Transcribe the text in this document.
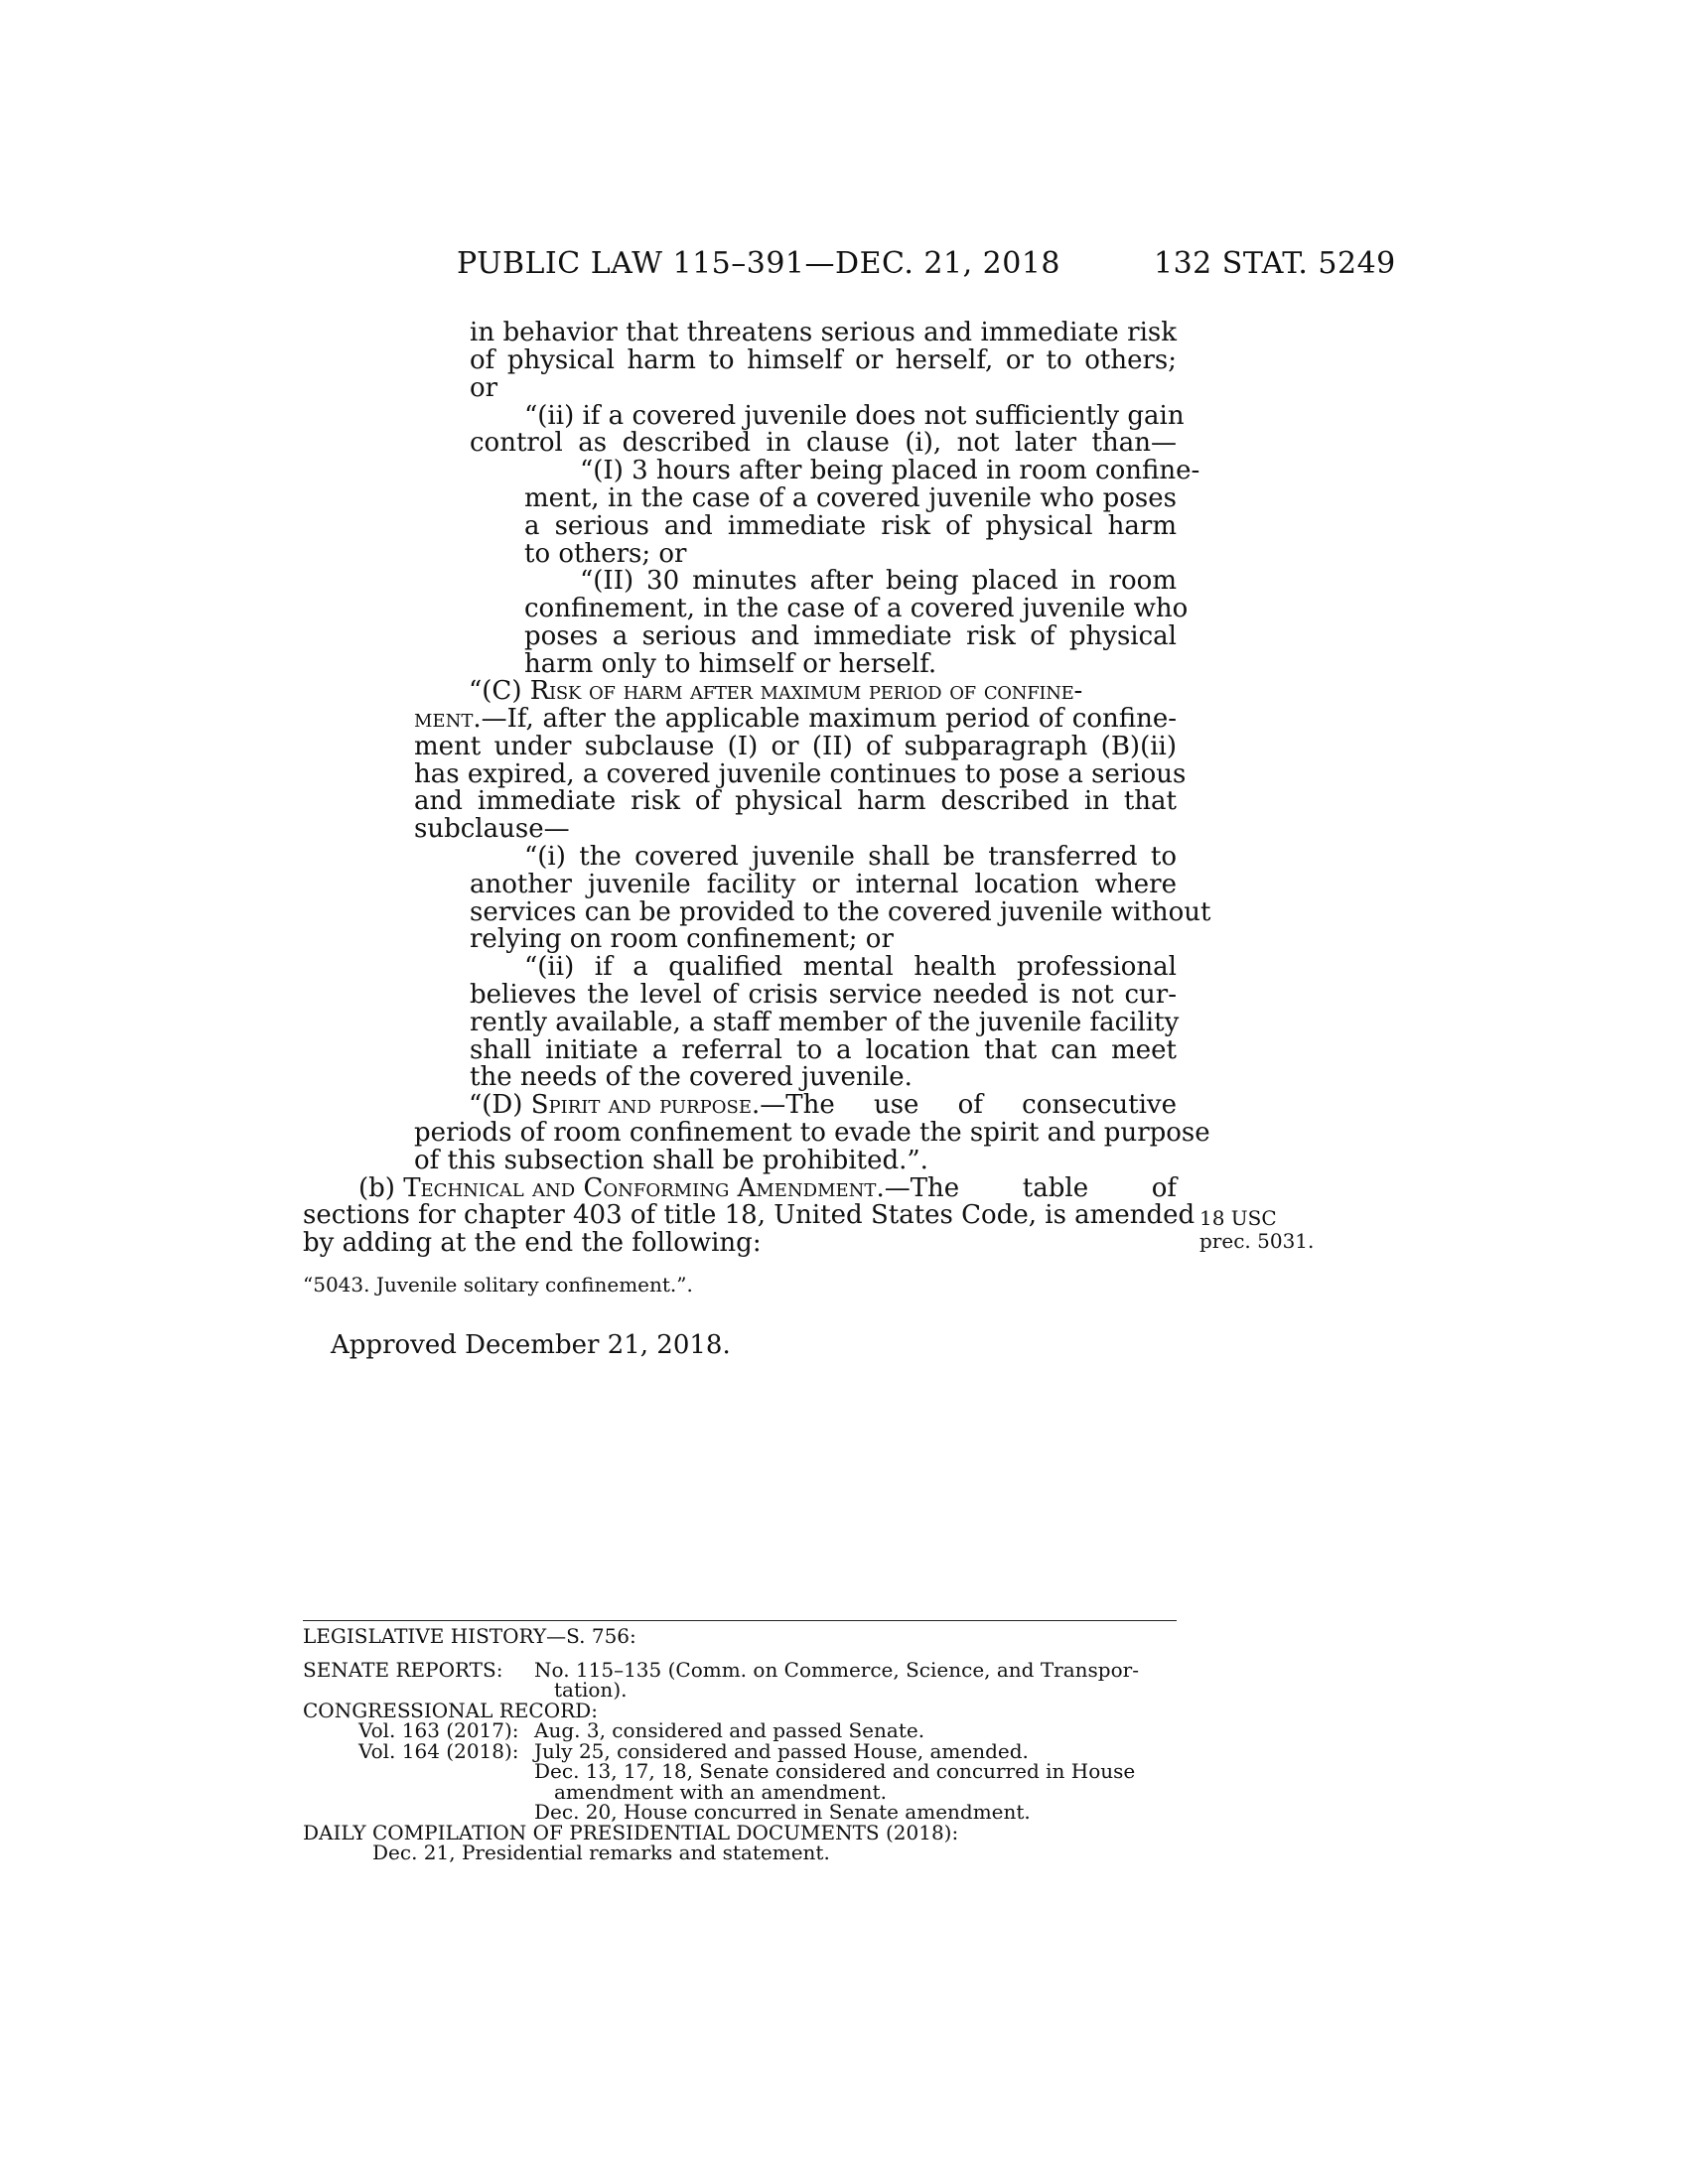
PUBLIC LAW 115–391—DEC. 21, 2018	132 STAT. 5249
in behavior that threatens serious and immediate risk
of physical harm to himself or herself, or to others;
or
“(ii) if a covered juvenile does not sufficiently gain
control as described in clause (i), not later than—
“(I) 3 hours after being placed in room confine-
ment, in the case of a covered juvenile who poses
a serious and immediate risk of physical harm
to others; or
“(II) 30 minutes after being placed in room
confinement, in the case of a covered juvenile who
poses a serious and immediate risk of physical
harm only to himself or herself.
“(C) Risk of harm after maximum period of confine-
ment .—If, after the applicable maximum period of confine-
ment under subclause (I) or (II) of subparagraph (B)(ii)
has expired, a covered juvenile continues to pose a serious
and immediate risk of physical harm described in that
subclause—
“(i) the covered juvenile shall be transferred to
another juvenile facility or internal location where
services can be provided to the covered juvenile without
relying on room confinement; or
“(ii) if a qualified mental health professional
believes the level of crisis service needed is not cur-
rently available, a staff member of the juvenile facility
shall initiate a referral to a location that can meet
the needs of the covered juvenile.
“(D) Spirit and purpose .—The use of consecutive
periods of room confinement to evade the spirit and purpose
of this subsection shall be prohibited.”.
(b) Technical and Conforming Amendment .—The table of
sections for chapter 403 of title 18, United States Code, is amended
by adding at the end the following:
18 USC
prec. 5031.
“5043. Juvenile solitary confinement.”.
Approved December 21, 2018.
LEGISLATIVE HISTORY—S. 756:
SENATE REPORTS: No. 115–135 (Comm. on Commerce, Science, and Transpor-
tation).
CONGRESSIONAL RECORD:
Vol. 163 (2017): Aug. 3, considered and passed Senate.
Vol. 164 (2018): July 25, considered and passed House, amended.
Dec. 13, 17, 18, Senate considered and concurred in House
amendment with an amendment.
Dec. 20, House concurred in Senate amendment.
DAILY COMPILATION OF PRESIDENTIAL DOCUMENTS (2018):
Dec. 21, Presidential remarks and statement.
